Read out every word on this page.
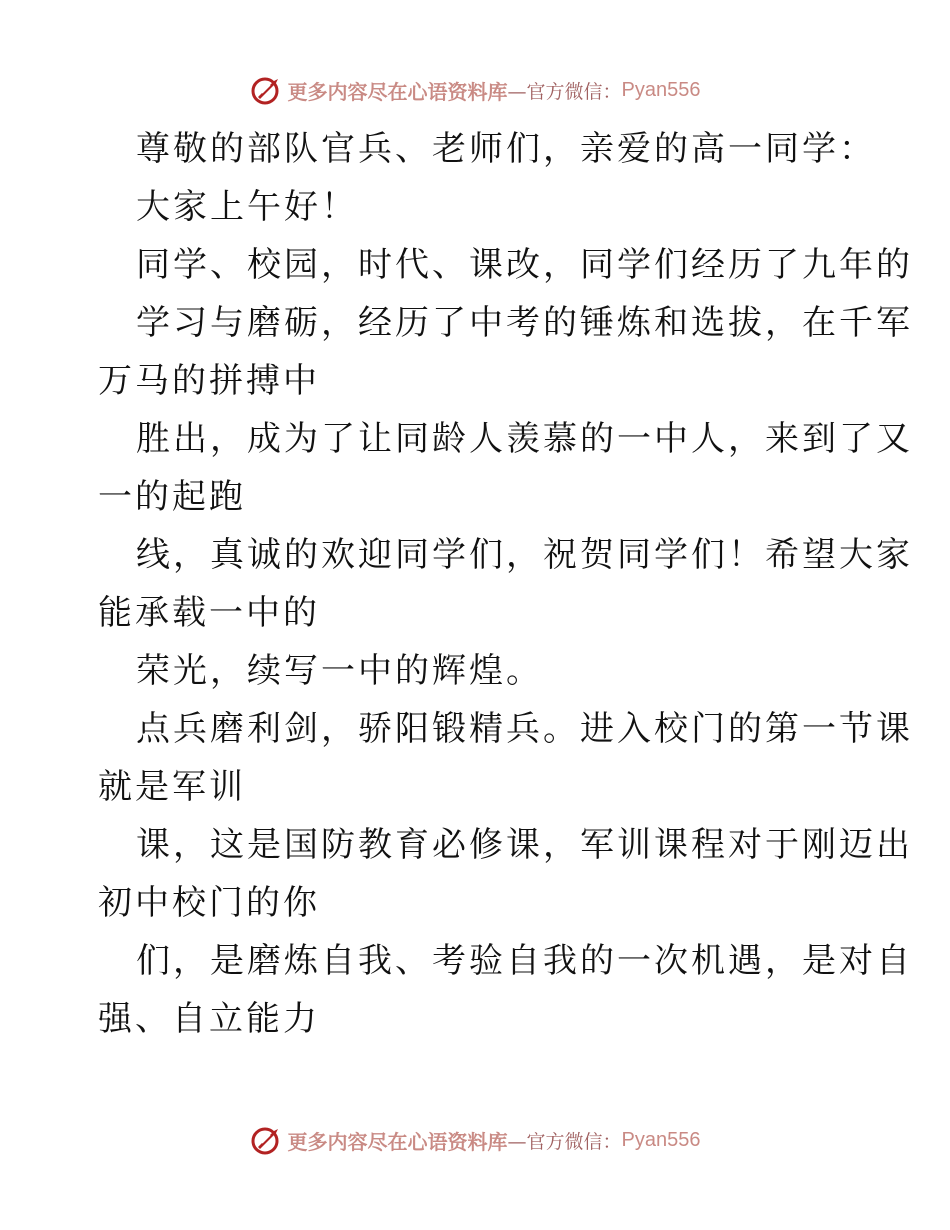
更多内容尽在心语资料库 —官方微信： Pyan556
尊敬的部队官兵、老师们，亲爱的高一同学：
大家上午好！
同学、校园，时代、课改，同学们经历了九年的
学习与磨砺，经历了中考的锤炼和选拔，在千军
万马的拼搏中
胜出，成为了让同龄人羡慕的一中人，来到了又
一的起跑
线，真诚的欢迎同学们，祝贺同学们！希望大家
能承载一中的
荣光，续写一中的辉煌。
点兵磨利剑，骄阳锻精兵。进入校门的第一节课
就是军训
课，这是国防教育必修课，军训课程对于刚迈出
初中校门的你
们，是磨炼自我、考验自我的一次机遇，是对自
强、自立能力
更多内容尽在心语资料库 —官方微信： Pyan556
